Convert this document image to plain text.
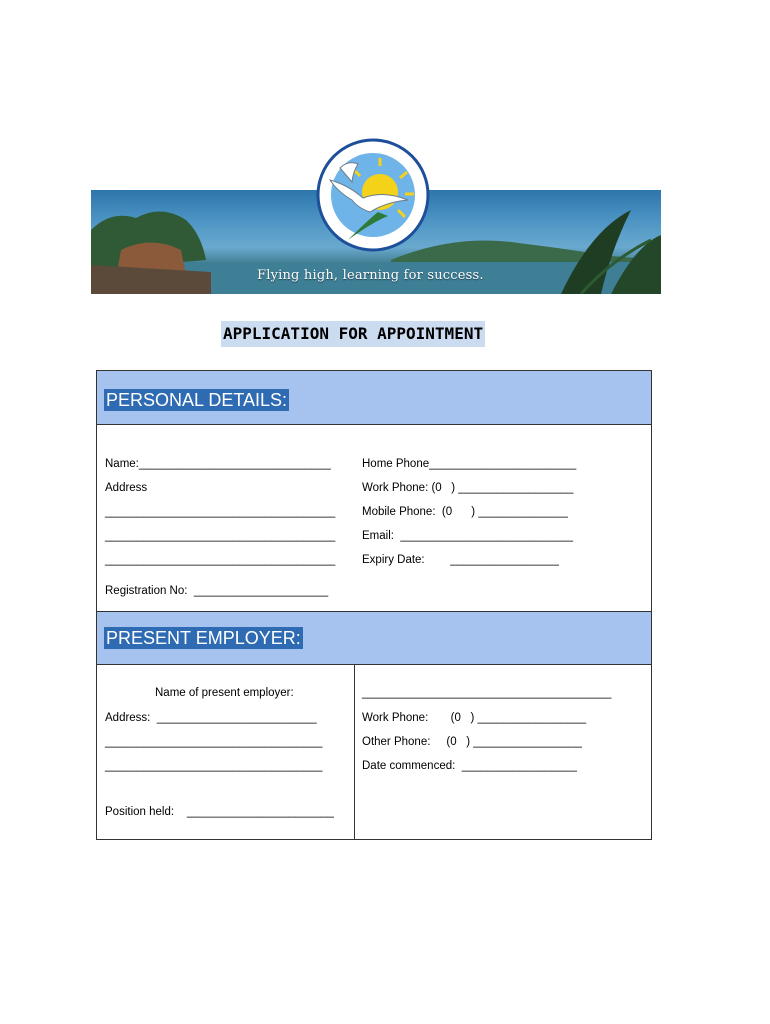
Flying high, learning for success.
APPLICATION FOR APPOINTMENT
PERSONAL DETAILS:
Name:______________________________
Address
____________________________________
____________________________________
____________________________________
Home Phone_______________________
Work Phone: (0   ) __________________
Mobile Phone:  (0      ) ______________
Email:  ___________________________
Expiry Date:        _________________
Registration No:  _____________________
PRESENT EMPLOYER:
Name of present employer:	_______________________________________
Address:  _________________________
__________________________________
__________________________________
Work Phone:       (0   ) _________________
Other Phone:     (0   ) _________________
Date commenced:  __________________
Position held:    _______________________
